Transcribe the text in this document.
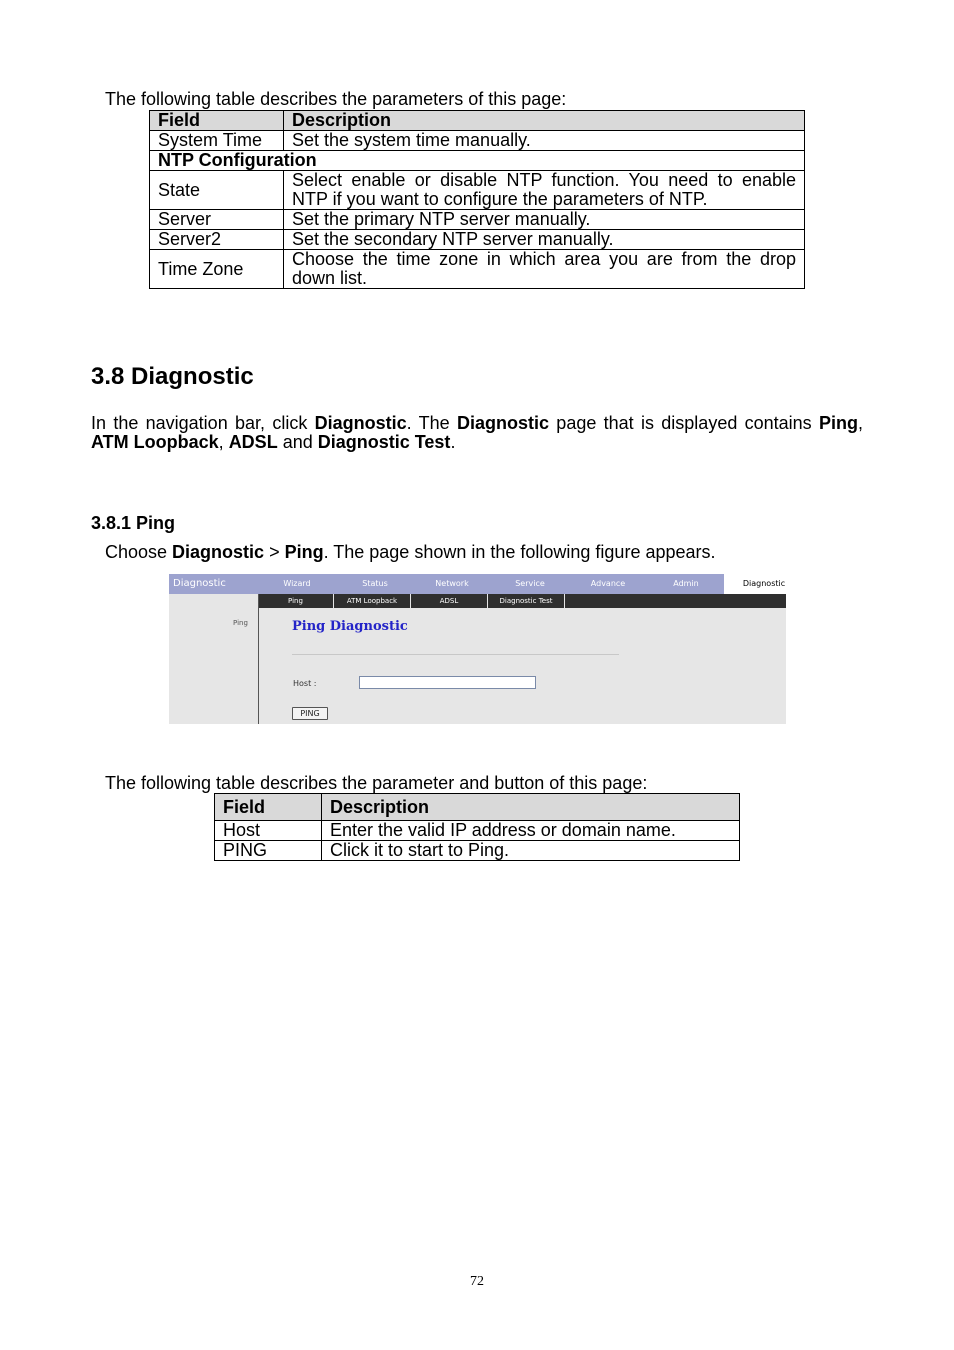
The following table describes the parameters of this page:
Field	Description
System Time	Set the system time manually.
NTP Configuration	
State	Select enable or disable NTP function. You need to enable NTP if you want to configure the parameters of NTP.
Server	Set the primary NTP server manually.
Server2	Set the secondary NTP server manually.
Time Zone	Choose the time zone in which area you are from the drop down list.
3.8 Diagnostic
In the navigation bar, click Diagnostic. The Diagnostic page that is displayed contains Ping, ATM Loopback, ADSL and Diagnostic Test.
3.8.1 Ping
Choose Diagnostic > Ping. The page shown in the following figure appears.
Diagnostic	Wizard	Status	Network	Service	Advance	Admin	Diagnostic
Ping	ATM Loopback	ADSL	Diagnostic Test
Ping	Ping Diagnostic
Host :
PING
The following table describes the parameter and button of this page:
Field	Description
Host	Enter the valid IP address or domain name.
PING	Click it to start to Ping.
72
